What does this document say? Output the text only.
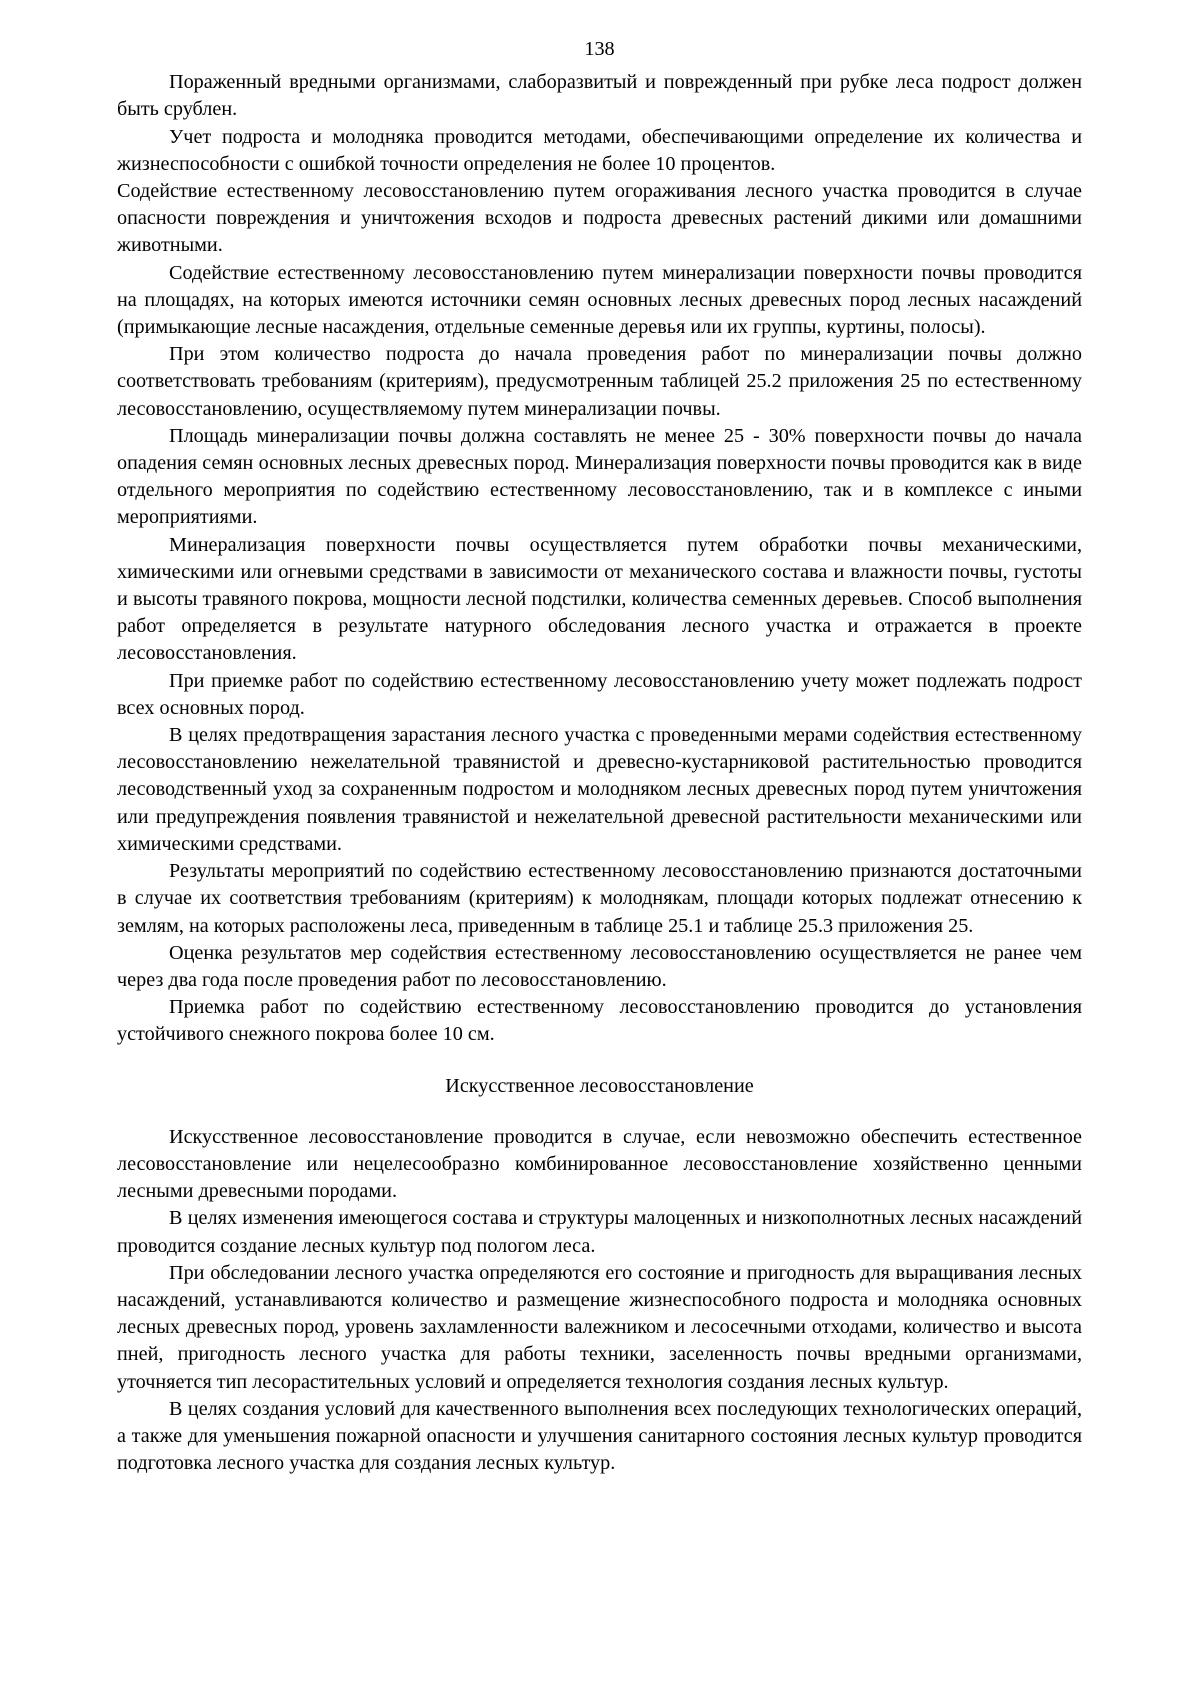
138

Пораженный вредными организмами, слаборазвитый и поврежденный при рубке леса подрост должен быть срублен.

Учет подроста и молодняка проводится методами, обеспечивающими определение их количества и жизнеспособности с ошибкой точности определения не более 10 процентов.

Содействие естественному лесовосстановлению путем огораживания лесного участка проводится в случае опасности повреждения и уничтожения всходов и подроста древесных растений дикими или домашними животными.

Содействие естественному лесовосстановлению путем минерализации поверхности почвы проводится на площадях, на которых имеются источники семян основных лесных древесных пород лесных насаждений (примыкающие лесные насаждения, отдельные семенные деревья или их группы, куртины, полосы).

При этом количество подроста до начала проведения работ по минерализации почвы должно соответствовать требованиям (критериям), предусмотренным таблицей 25.2 приложения 25 по естественному лесовосстановлению, осуществляемому путем минерализации почвы.

Площадь минерализации почвы должна составлять не менее 25 - 30% поверхности почвы до начала опадения семян основных лесных древесных пород. Минерализация поверхности почвы проводится как в виде отдельного мероприятия по содействию естественному лесовосстановлению, так и в комплексе с иными мероприятиями.

Минерализация поверхности почвы осуществляется путем обработки почвы механическими, химическими или огневыми средствами в зависимости от механического состава и влажности почвы, густоты и высоты травяного покрова, мощности лесной подстилки, количества семенных деревьев. Способ выполнения работ определяется в результате натурного обследования лесного участка и отражается в проекте лесовосстановления.

При приемке работ по содействию естественному лесовосстановлению учету может подлежать подрост всех основных пород.

В целях предотвращения зарастания лесного участка с проведенными мерами содействия естественному лесовосстановлению нежелательной травянистой и древесно-кустарниковой растительностью проводится лесоводственный уход за сохраненным подростом и молодняком лесных древесных пород путем уничтожения или предупреждения появления травянистой и нежелательной древесной растительности механическими или химическими средствами.

Результаты мероприятий по содействию естественному лесовосстановлению признаются достаточными в случае их соответствия требованиям (критериям) к молоднякам, площади которых подлежат отнесению к землям, на которых расположены леса, приведенным в таблице 25.1 и таблице 25.3 приложения 25.

Оценка результатов мер содействия естественному лесовосстановлению осуществляется не ранее чем через два года после проведения работ по лесовосстановлению.

Приемка работ по содействию естественному лесовосстановлению проводится до установления устойчивого снежного покрова более 10 см.

Искусственное лесовосстановление

Искусственное лесовосстановление проводится в случае, если невозможно обеспечить естественное лесовосстановление или нецелесообразно комбинированное лесовосстановление хозяйственно ценными лесными древесными породами.

В целях изменения имеющегося состава и структуры малоценных и низкополнотных лесных насаждений проводится создание лесных культур под пологом леса.

При обследовании лесного участка определяются его состояние и пригодность для выращивания лесных насаждений, устанавливаются количество и размещение жизнеспособного подроста и молодняка основных лесных древесных пород, уровень захламленности валежником и лесосечными отходами, количество и высота пней, пригодность лесного участка для работы техники, заселенность почвы вредными организмами, уточняется тип лесорастительных условий и определяется технология создания лесных культур.

В целях создания условий для качественного выполнения всех последующих технологических операций, а также для уменьшения пожарной опасности и улучшения санитарного состояния лесных культур проводится подготовка лесного участка для создания лесных культур.
